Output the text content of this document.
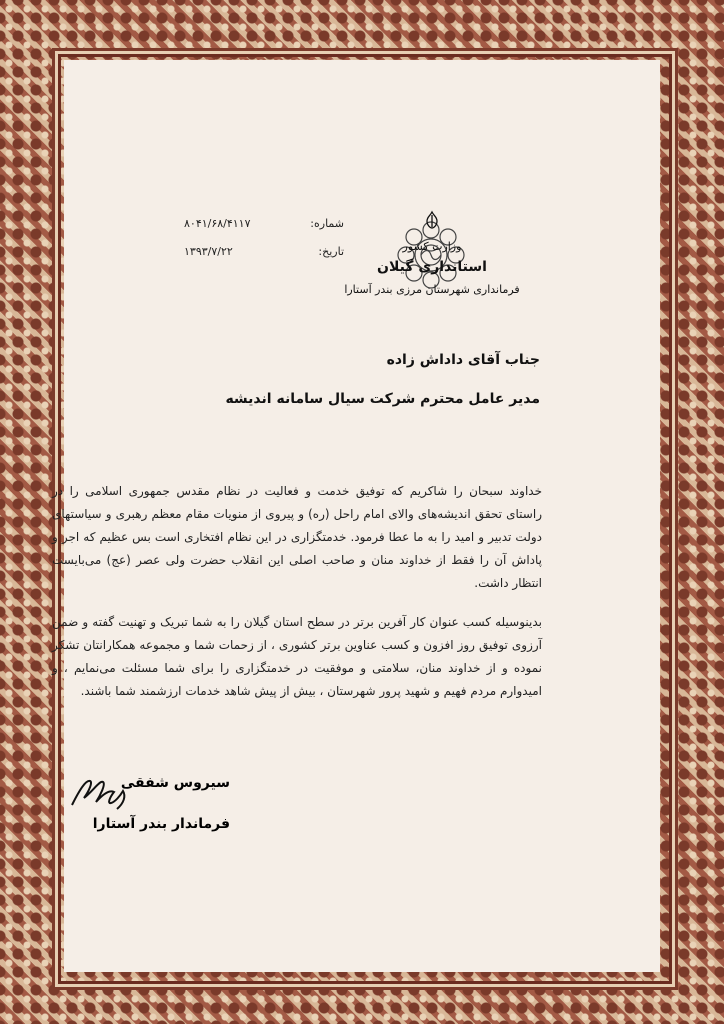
شماره:
۸۰۴۱/۶۸/۴۱۱۷
تاریخ:
۱۳۹۳/۷/۲۲	وزارت کشور
استانداری گیلان
فرمانداری شهرستان مرزی بندر آستارا
جناب آقای داداش زاده
مدیر عامل محترم شرکت سیال سامانه اندیشه

خداوند سبحان را شاکریم که توفیق خدمت و فعالیت در نظام مقدس جمهوری اسلامی را در راستای تحقق اندیشه‌های والای امام راحل (ره) و پیروی از منویات مقام معظم رهبری و سیاستهای دولت تدبیر و امید را به ما عطا فرمود. خدمتگزاری در این نظام افتخاری است بس عظیم که اجر و پاداش آن را فقط از خداوند منان و صاحب اصلی این انقلاب حضرت ولی عصر (عج) می‌بایست انتظار داشت.

بدینوسیله کسب عنوان کار آفرین برتر در سطح استان گیلان را به شما تبریک و تهنیت گفته و ضمن آرزوی توفیق روز افزون و کسب عناوین برتر کشوری ، از زحمات شما و مجموعه همکارانتان تشکر نموده و از خداوند منان، سلامتی و موفقیت در خدمتگزاری را برای شما مسئلت می‌نمایم ، و امیدوارم مردم فهیم و شهید پرور شهرستان ، بیش از پیش شاهد خدمات ارزشمند شما باشند.

سیروس شفقی
فرماندار بندر آستارا
